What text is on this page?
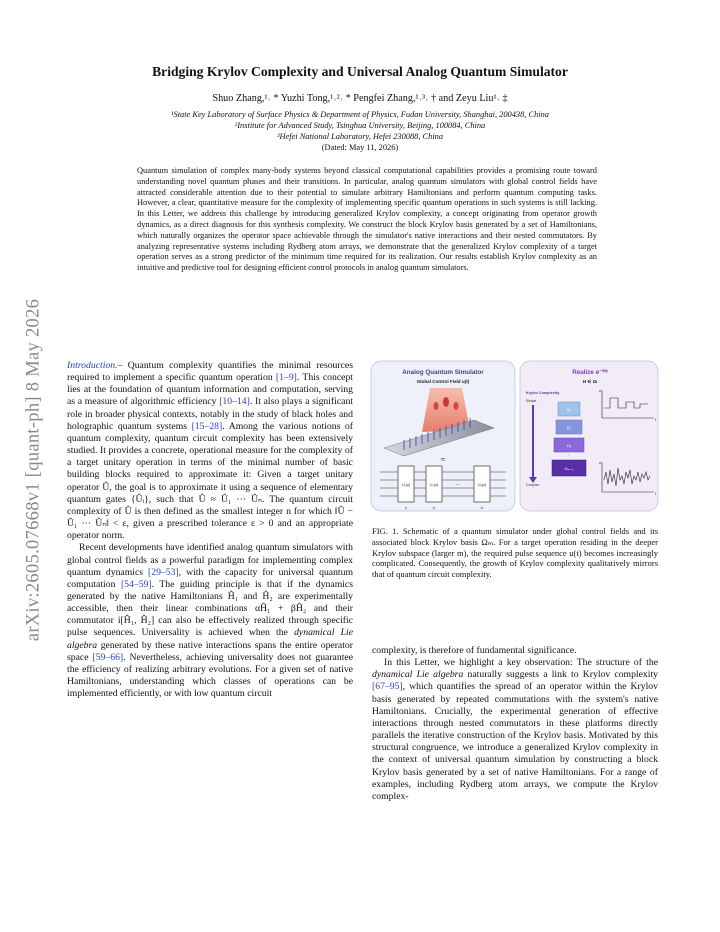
arXiv:2605.07668v1 [quant-ph] 8 May 2026
Bridging Krylov Complexity and Universal Analog Quantum Simulator
Shuo Zhang,¹˒ * Yuzhi Tong,¹˒²˒ * Pengfei Zhang,¹˒³˒ † and Zeyu Liu¹˒ ‡
¹State Key Laboratory of Surface Physics & Department of Physics, Fudan University, Shanghai, 200438, China
²Institute for Advanced Study, Tsinghua University, Beijing, 100084, China
³Hefei National Laboratory, Hefei 230088, China
(Dated: May 11, 2026)
Quantum simulation of complex many-body systems beyond classical computational capabilities provides a promising route toward understanding novel quantum phases and their transitions. In particular, analog quantum simulators with global control fields have attracted considerable attention due to their potential to simulate arbitrary Hamiltonians and perform quantum computing tasks. However, a clear, quantitative measure for the complexity of implementing specific quantum operations in such systems is still lacking. In this Letter, we address this challenge by introducing generalized Krylov complexity, a concept originating from operator growth dynamics, as a direct diagnosis for this synthesis complexity. We construct the block Krylov basis generated by a set of Hamiltonians, which naturally organizes the operator space achievable through the simulator's native interactions and their nested commutators. By analyzing representative systems including Rydberg atom arrays, we demonstrate that the generalized Krylov complexity of a target operation serves as a strong predictor of the minimum time required for its realization. Our results establish Krylov complexity as an intuitive and predictive tool for designing efficient control protocols in analog quantum simulators.

Introduction.– Quantum complexity quantifies the minimal resources required to implement a specific quantum operation [1–9]. This concept lies at the foundation of quantum information and computation, serving as a measure of algorithmic efficiency [10–14]. It also plays a significant role in broader physical contexts, notably in the study of black holes and holographic quantum systems [15–28]. Among the various notions of quantum complexity, quantum circuit complexity has been extensively studied. It provides a concrete, operational measure for the complexity of a target unitary operation in terms of the minimal number of basic building blocks required to approximate it: Given a target unitary operator Û, the goal is to approximate it using a sequence of elementary quantum gates {Ûᵢ}, such that Û ≈ Û₁ ··· Ûₙ. The quantum circuit complexity of Û is then defined as the smallest integer n for which ‖Û − Û₁ ··· Ûₙ‖ < ε, given a prescribed tolerance ε > 0 and an appropriate operator norm.

Recent developments have identified analog quantum simulators with global control fields as a powerful paradigm for implementing complex quantum dynamics [29–53], with the capacity for universal quantum computation [54–59]. The guiding principle is that if the dynamics generated by the native Hamiltonians Ĥ₁ and Ĥ₂ are experimentally accessible, then their linear combinations αĤ₁ + βĤ₂ and their commutator i[Ĥ₁, Ĥ₂] can also be effectively realized through specific pulse sequences. Universality is achieved when the dynamical Lie algebra generated by these native interactions spans the entire operator space [59–66]. Nevertheless, achieving universality does not guarantee the efficiency of realizing arbitrary evolutions. For a given set of native Hamiltonians, understanding which classes of operations can be implemented efficiently, or with low quantum circuit

Analog Quantum Simulator
Global Control Field u(t)
≈
U₁(u)	U₂(u)	Uₙ(u)
···
t₁	t₂	tₙ
Realize e⁻ⁱᴴᵗ
H ∈ Ωₗ
Krylov Complexity
Simple
Complex
Ω₀
Ω₁
Ω₂
Ωₘ₋₁
⋮
u
t
u
t
FIG. 1. Schematic of a quantum simulator under global control fields and its associated block Krylov basis Ωₘ. For a target operation residing in the deeper Krylov subspace (larger m), the required pulse sequence u(t) becomes increasingly complicated. Consequently, the growth of Krylov complexity qualitatively mirrors that of quantum circuit complexity.

complexity, is therefore of fundamental significance.

In this Letter, we highlight a key observation: The structure of the dynamical Lie algebra naturally suggests a link to Krylov complexity [67–95], which quantifies the spread of an operator within the Krylov basis generated by repeated commutations with the system's native Hamiltonians. Crucially, the experimental generation of effective interactions through nested commutators in these platforms directly parallels the iterative construction of the Krylov basis. Motivated by this structural congruence, we introduce a generalized Krylov complexity in the context of universal quantum simulation by constructing a block Krylov basis generated by a set of native Hamiltonians. For a range of examples, including Rydberg atom arrays, we compute the Krylov complex-
